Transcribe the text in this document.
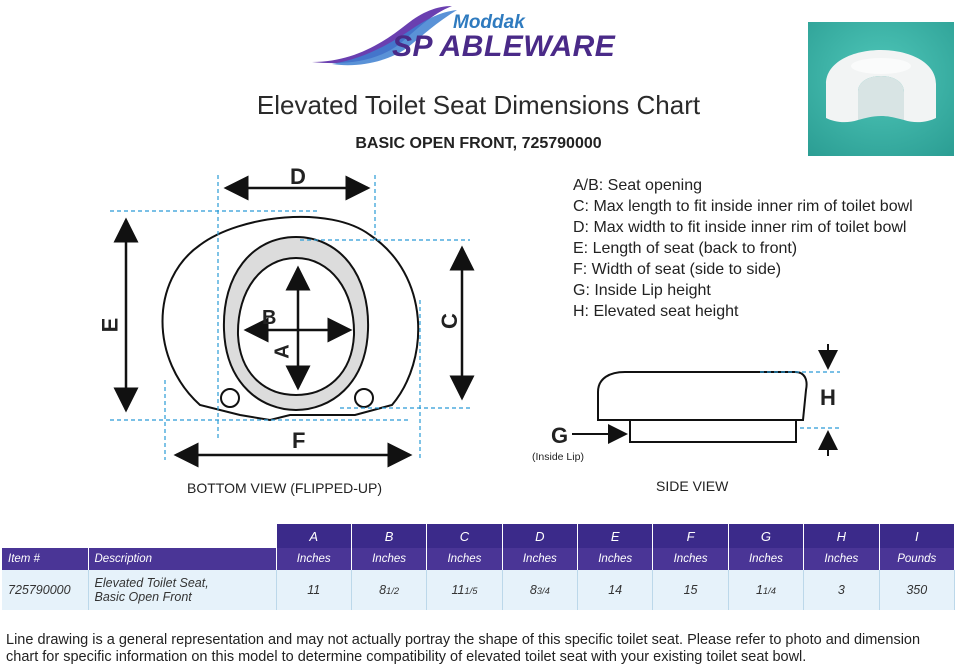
Moddak
SP ABLEWARE
Elevated Toilet Seat Dimensions Chart
BASIC OPEN FRONT, 725790000
A/B: Seat opening
C: Max length to fit inside inner rim of toilet bowl
D: Max width to fit inside inner rim of toilet bowl
E: Length of seat (back to front)
F: Width of seat (side to side)
G: Inside Lip height
H: Elevated seat height
D
E	C
F
B
A
H
G
(Inside Lip)
BOTTOM VIEW (FLIPPED-UP)	SIDE VIEW
		A	B	C	D	E	F	G	H	I
Item #	Description	Inches	Inches	Inches	Inches	Inches	Inches	Inches	Inches	Pounds
725790000	Elevated Toilet Seat,
Basic Open Front	11	81/2	111/5	83/4	14	15	11/4	3	350
Line drawing is a general representation and may not actually portray the shape of this specific toilet seat. Please refer to photo and dimension chart for specific information on this model to determine compatibility of elevated toilet seat with your existing toilet seat bowl.
